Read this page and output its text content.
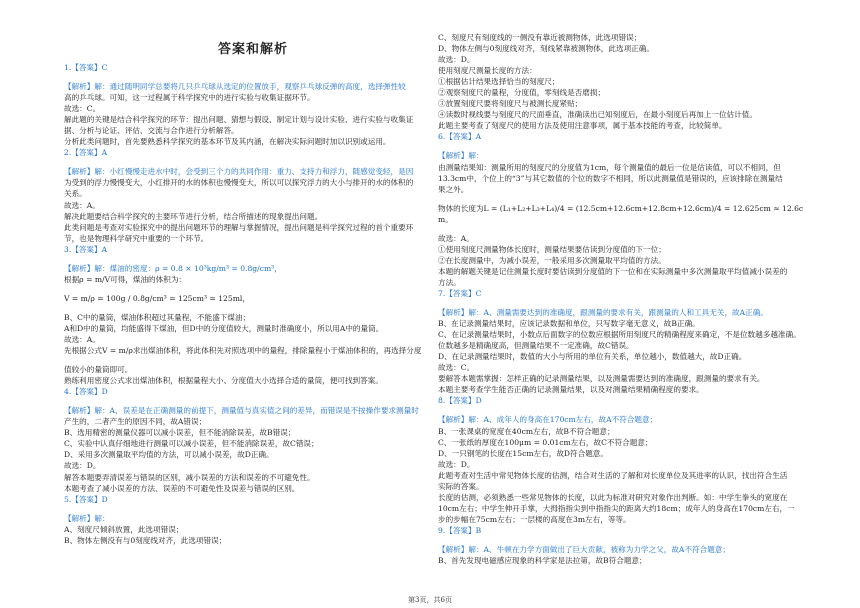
答案和解析
1.【答案】C
【解析】解：通过随明同学总要将几只乒乓球从选定的位置放手，观察乒乓球反弹的高度，选择弹性较
高的乒乓球。可知，这一过程属于科学探究中的进行实验与收集证据环节。
故选：C。
解此题的关键是结合科学探究的环节：提出问题、猜想与假设、制定计划与设计实验、进行实验与收集证
据、分析与论证、评估、交流与合作进行分析解答。
分析此类问题时，首先要熟悉科学探究的基本环节及其内涵，在解决实际问题时加以识别或运用。
2.【答案】A
【解析】解：小红慢慢走进水中时，会受到三个力的共同作用：重力、支持力和浮力，随感觉变轻，是因
为受到的浮力慢慢变大，小红排开的水的体积也慢慢变大，所以可以探究浮力的大小与排开的水的体积的
关系。
故选：A。
解决此题要结合科学探究的主要环节进行分析，结合所描述的现象提出问题。
此类问题是考查对实验探究中的提出问题环节的理解与掌握情况，提出问题是科学探究过程的首个重要环
节，也是物理科学研究中重要的一个环节。
3.【答案】A
【解析】解：煤油的密度：ρ = 0.8 × 10³kg/m³ = 0.8g/cm³，
根据ρ = m/V可得，煤油的体积为：
V = m/ρ = 100g / 0.8g/cm³ = 125cm³ = 125ml，
B、C中的量筒，煤油体积超过其量程，不能盛下煤油；
A和D中的量筒，均能盛得下煤油，但D中的分度值较大，测量时准确度小，所以用A中的量筒。
故选：A。
先根据公式V = m/ρ求出煤油体积，将此体积先对照选项中的量程，排除量程小于煤油体积的，再选择分度
值较小的量筒即可。
熟练利用密度公式求出煤油体积，根据量程大小、分度值大小选择合适的量筒，便可找到答案。
4.【答案】D
【解析】解：A、误差是在正确测量的前提下，测量值与真实值之间的差异，而错误是不按操作要求测量时
产生的，二者产生的原因不同，故A错误；
B、选用精密的测量仪器可以减小误差，但不能消除误差，故B错误；
C、实验中认真仔细地进行测量可以减小误差，但不能消除误差，故C错误；
D、采用多次测量取平均值的方法，可以减小误差，故D正确。
故选：D。
解答本题要弄清误差与错误的区别，减小误差的方法和误差的不可避免性。
本题考查了减小误差的方法、误差的不可避免性及误差与错误的区别。
5.【答案】D
【解析】解：
A、刻度尺倾斜放置，此选项错误；
B、物体左侧没有与0刻度线对齐，此选项错误；
C、刻度尺有刻度线的一侧没有靠近被测物体，此选项错误；
D、物体左侧与0刻度线对齐，刻线紧靠被测物体，此选项正确。
故选：D。
使用刻度尺测量长度的方法：
①根据估计结果选择恰当的刻度尺；
②观察刻度尺的量程，分度值，零刻线是否磨损；
③放置刻度尺要将刻度尺与被测长度紧贴；
④读数时视线要与刻度尺的尺面垂直，准确读出已知刻度后，在最小刻度后再加上一位估计值。
此题主要考查了刻度尺的使用方法及使用注意事项，属于基本技能的考查，比较简单。
6.【答案】A
【解析】解：
由测量结果知：测量所用的刻度尺的分度值为1cm，每个测量值的最后一位是估读值，可以不相同，但
13.3cm中，个位上的“3”与其它数值的个位的数字不相同，所以此测量值是错误的，应该排除在测量结
果之外。
物体的长度为L = (L₁+L₂+L₃+L₄)/4 = (12.5cm+12.6cm+12.8cm+12.6cm)/4 = 12.625cm ≈ 12.6cm。
故选：A。
①使用刻度尺测量物体长度时，测量结果要估读到分度值的下一位；
②在长度测量中，为减小误差，一般采用多次测量取平均值的方法。
本题的解题关键是记住测量长度时要估读到分度值的下一位和在实际测量中多次测量取平均值减小误差的
方法。
7.【答案】C
【解析】解：A、测量需要达到的准确度，跟测量的要求有关，跟测量的人和工具无关，故A正确。
B、在记录测量结果时，应该记录数据和单位，只写数字毫无意义，故B正确。
C、在记录测量结果时，小数点后面数字的位数应根据所用刻度尺的精确程度来确定，不是位数越多越准确。
位数越多是精确度高，但测量结果不一定准确，故C错误。
D、在记录测量结果时，数值的大小与所用的单位有关系，单位越小，数值越大，故D正确。
故选：C。
要解答本题需掌握：怎样正确的记录测量结果，以及测量需要达到的准确度，跟测量的要求有关。
本题主要考查学生能否正确的记录测量结果，以及对测量结果精确程度的要求。
8.【答案】D
【解析】解：A、成年人的身高在170cm左右，故A不符合题意；
B、一张课桌的宽度在40cm左右，故B不符合题意；
C、一张纸的厚度在100μm = 0.01cm左右，故C不符合题意；
D、一只钢笔的长度在15cm左右，故D符合题意。
故选：D。
此题考查对生活中常见物体长度的估测，结合对生活的了解和对长度单位及其进率的认识，找出符合生活
实际的答案。
长度的估测，必须熟悉一些常见物体的长度，以此为标准对研究对象作出判断。如：中学生拳头的宽度在
10cm左右；中学生伸开手掌，大拇指指尖到中指指尖的距离大约18cm；成年人的身高在170cm左右，一
步的步幅在75cm左右；一层楼的高度在3m左右，等等。
9.【答案】B
【解析】解：A、牛顿在力学方面做出了巨大贡献，被称为力学之父，故A不符合题意；
B、首先发现电磁感应现象的科学家是法拉第，故B符合题意；
第3页，共6页
